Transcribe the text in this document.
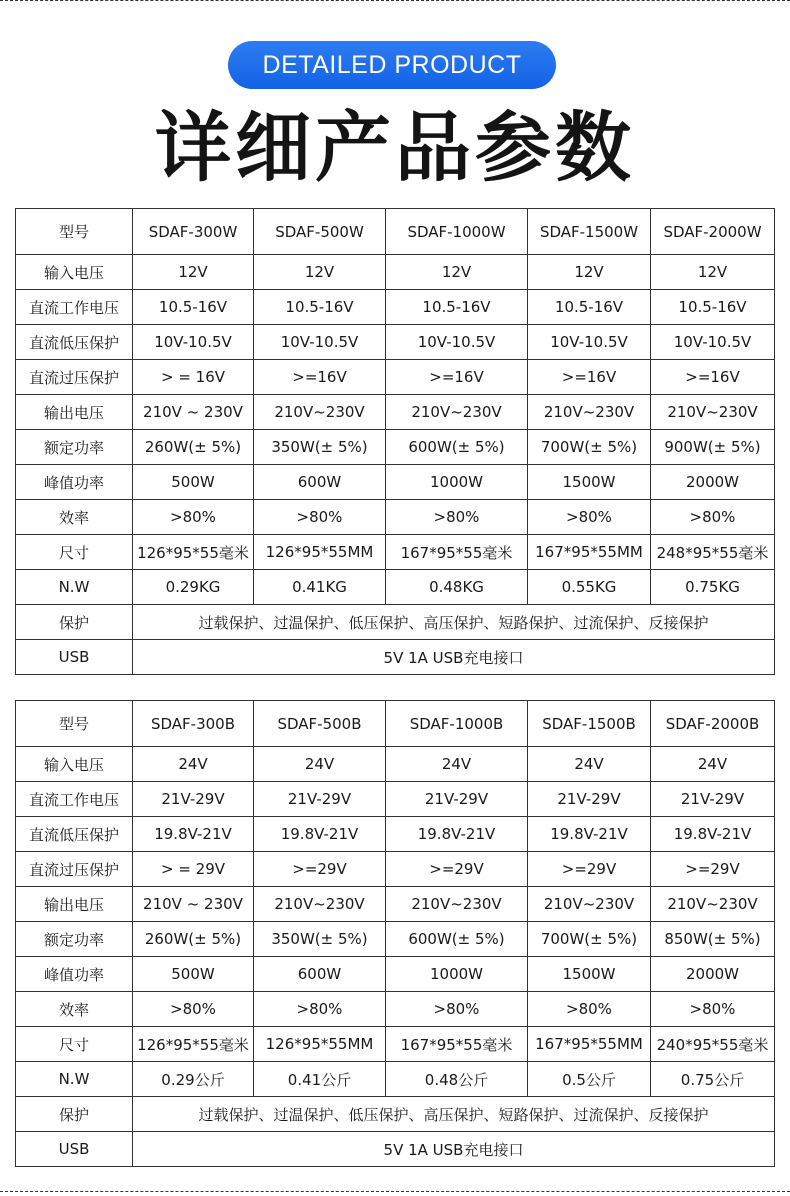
DETAILED PRODUCT
详细产品参数
型号	SDAF-300W	SDAF-500W	SDAF-1000W	SDAF-1500W	SDAF-2000W
输入电压	12V	12V	12V	12V	12V
直流工作电压	10.5-16V	10.5-16V	10.5-16V	10.5-16V	10.5-16V
直流低压保护	10V-10.5V	10V-10.5V	10V-10.5V	10V-10.5V	10V-10.5V
直流过压保护	> = 16V	>=16V	>=16V	>=16V	>=16V
输出电压	210V ~ 230V	210V~230V	210V~230V	210V~230V	210V~230V
额定功率	260W(± 5%)	350W(± 5%)	600W(± 5%)	700W(± 5%)	900W(± 5%)
峰值功率	500W	600W	1000W	1500W	2000W
效率	>80%	>80%	>80%	>80%	>80%
尺寸	126*95*55毫米	126*95*55MM	167*95*55毫米	167*95*55MM	248*95*55毫米
N.W	0.29KG	0.41KG	0.48KG	0.55KG	0.75KG
保护	过载保护、过温保护、低压保护、高压保护、短路保护、过流保护、反接保护				
USB	5V 1A USB充电接口				
型号	SDAF-300B	SDAF-500B	SDAF-1000B	SDAF-1500B	SDAF-2000B
输入电压	24V	24V	24V	24V	24V
直流工作电压	21V-29V	21V-29V	21V-29V	21V-29V	21V-29V
直流低压保护	19.8V-21V	19.8V-21V	19.8V-21V	19.8V-21V	19.8V-21V
直流过压保护	> = 29V	>=29V	>=29V	>=29V	>=29V
输出电压	210V ~ 230V	210V~230V	210V~230V	210V~230V	210V~230V
额定功率	260W(± 5%)	350W(± 5%)	600W(± 5%)	700W(± 5%)	850W(± 5%)
峰值功率	500W	600W	1000W	1500W	2000W
效率	>80%	>80%	>80%	>80%	>80%
尺寸	126*95*55毫米	126*95*55MM	167*95*55毫米	167*95*55MM	240*95*55毫米
N.W	0.29公斤	0.41公斤	0.48公斤	0.5公斤	0.75公斤
保护	过载保护、过温保护、低压保护、高压保护、短路保护、过流保护、反接保护				
USB	5V 1A USB充电接口				
